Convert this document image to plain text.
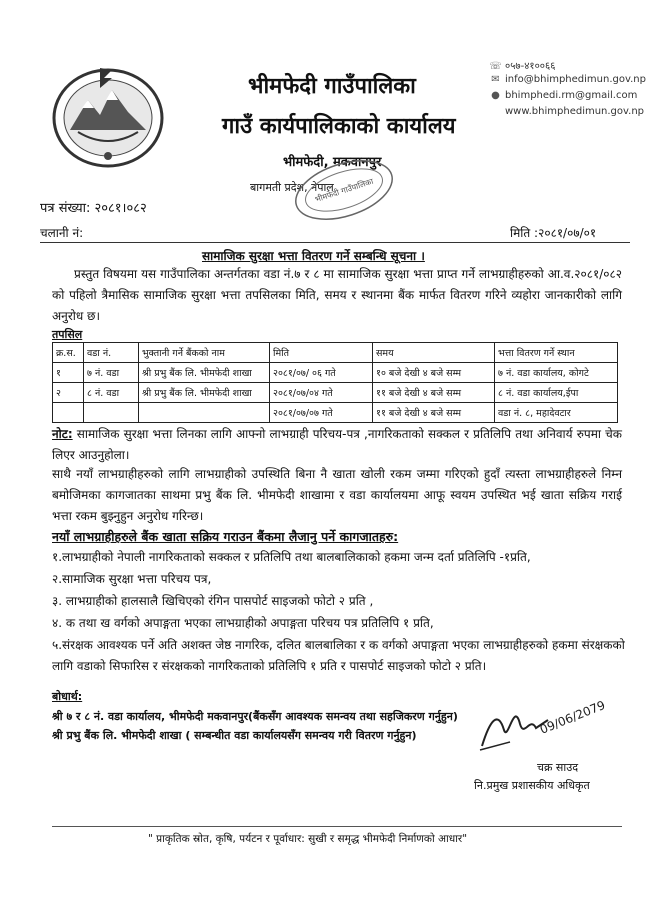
भीमफेदी गाउँपालिका
गाउँ कार्यपालिकाको कार्यालय
भीमफेदी, मकवानपुर
बागमती प्रदेश, नेपाल
☏ ०५७-४१००६६
✉ info@bhimphedimun.gov.np
● bhimphedi.rm@gmail.com
www.bhimphedimun.gov.np
भीमफेदी गाउँपालिका
पत्र संख्या: २०८१।०८२
चलानी नं:	मिति :२०८१/०७/०१
सामाजिक सुरक्षा भत्ता वितरण गर्ने सम्बन्धि सूचना ।
प्रस्तुत विषयमा यस गाउँपालिका अन्तर्गतका वडा नं.७ र ८ मा सामाजिक सुरक्षा भत्ता प्राप्त गर्ने लाभग्राहीहरुको आ.व.२०८१/०८२ को पहिलो त्रैमासिक सामाजिक सुरक्षा भत्ता तपसिलका मिति, समय र स्थानमा बैंक मार्फत वितरण गरिने व्यहोरा जानकारीको लागि अनुरोध छ।
तपसिल
क्र.स.	वडा नं.	भुक्तानी गर्ने बैंकको नाम	मिति	समय	भत्ता वितरण गर्ने स्थान
१	७ नं. वडा	श्री प्रभु बैंक लि. भीमफेदी शाखा	२०८१/०७/ ०६ गते	१० बजे देखी ४ बजे सम्म	७ नं. वडा कार्यालय, कोगटे
२	८ नं. वडा	श्री प्रभु बैंक लि. भीमफेदी शाखा	२०८१/०७/०४ गते	११ बजे देखी ४ बजे सम्म	८ नं. वडा कार्यालय,ईपा
			२०८१/०७/०७ गते	११ बजे देखी ४ बजे सम्म	वडा नं. ८, महादेवटार
नोट: सामाजिक सुरक्षा भत्ता लिनका लागि आफ्नो लाभग्राही परिचय-पत्र ,नागरिकताको सक्कल र प्रतिलिपि तथा अनिवार्य रुपमा चेक लिएर आउनुहोला।
साथै नयाँ लाभग्राहीहरुको लागि लाभग्राहीको उपस्थिति बिना नै खाता खोली रकम जम्मा गरिएको हुदाँ त्यस्ता लाभग्राहीहरुले निम्न बमोजिमका कागजातका साथमा प्रभु बैंक लि. भीमफेदी शाखामा र वडा कार्यालयमा आफू स्वयम उपस्थित भई खाता सक्रिय गराई भत्ता रकम बुझ्नुहुन अनुरोध गरिन्छ।
नयाँ लाभग्राहीहरुले बैंक खाता सक्रिय गराउन बैंकमा लैजानु पर्ने कागजातहरु:
१.लाभग्राहीको नेपाली नागरिकताको सक्कल र प्रतिलिपि तथा बालबालिकाको हकमा जन्म दर्ता प्रतिलिपि -१प्रति,
२.सामाजिक सुरक्षा भत्ता परिचय पत्र,
३. लाभग्राहीको हालसालै खिचिएको रंगिन पासपोर्ट साइजको फोटो २ प्रति ,
४. क तथा ख वर्गको अपाङ्गता भएका लाभग्राहीको अपाङ्गता परिचय पत्र प्रतिलिपि १ प्रति,
५.संरक्षक आवश्यक पर्ने अति अशक्त जेष्ठ नागरिक, दलित बालबालिका र क वर्गको अपाङ्गता भएका लाभग्राहीहरुको हकमा संरक्षकको लागि वडाको सिफारिस र संरक्षकको नागरिकताको प्रतिलिपि १ प्रति र पासपोर्ट साइजको फोटो २ प्रति।
बोधार्थ:
श्री ७ र ८ नं. वडा कार्यालय, भीमफेदी मकवानपुर(बैंकसँग आवश्यक समन्वय तथा सहजिकरण गर्नुहुन)
श्री प्रभु बैंक लि. भीमफेदी शाखा ( सम्बन्धीत वडा कार्यालयसँग समन्वय गरी वितरण गर्नुहुन)	09/06/2079
चक्र साउद
नि.प्रमुख प्रशासकीय अधिकृत
" प्राकृतिक स्रोत, कृषि, पर्यटन र पूर्वाधार: सुखी र समृद्ध भीमफेदी निर्माणको आधार"
